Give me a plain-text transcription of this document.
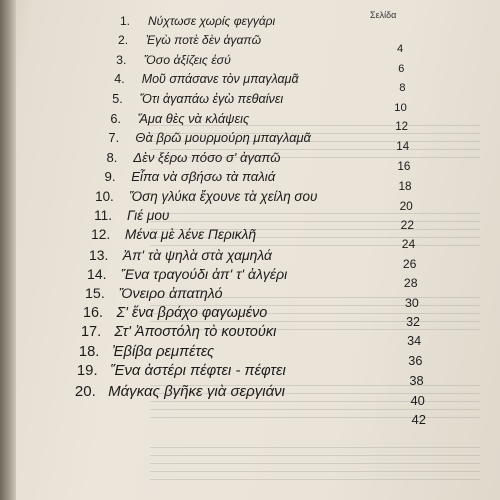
Σελίδα
1. Νύχτωσε χωρίς φεγγάρι
2. Ἐγὼ ποτὲ δὲν ἀγαπῶ
4
3. Ὅσο ἀξίζεις ἐσύ
6
4. Μοῦ σπάσανε τὸν μπαγλαμᾶ
8
5. Ὅτι ἀγαπάω ἐγὼ πεθαίνει
10
6. Ἅμα θὲς νὰ κλάψεις
12
7. Θὰ βρῶ μουρμούρη μπαγλαμᾶ
14
8. Δὲν ξέρω πόσο σ' ἀγαπῶ
16
9. Εἶπα νὰ σβήσω τὰ παλιά
18
10. Ὅση γλύκα ἔχουνε τὰ χείλη σου
20
11. Γιέ μου
22
12. Μένα μὲ λένε Περικλῆ
24
13. Ἀπ' τὰ ψηλὰ στὰ χαμηλά
26
14. Ἕνα τραγούδι ἀπ' τ' ἀλγέρι
28
15. Ὄνειρο ἀπατηλό
30
16. Σ' ἕνα βράχο φαγωμένο
32
17. Στ' Ἀποστόλη τὸ κουτούκι
34
18. Ἐβίβα ρεμπέτες
36
19. Ἕνα ἀστέρι πέφτει - πέφτει
38
20. Μάγκας βγῆκε γιὰ σεργιάνι
40
42
